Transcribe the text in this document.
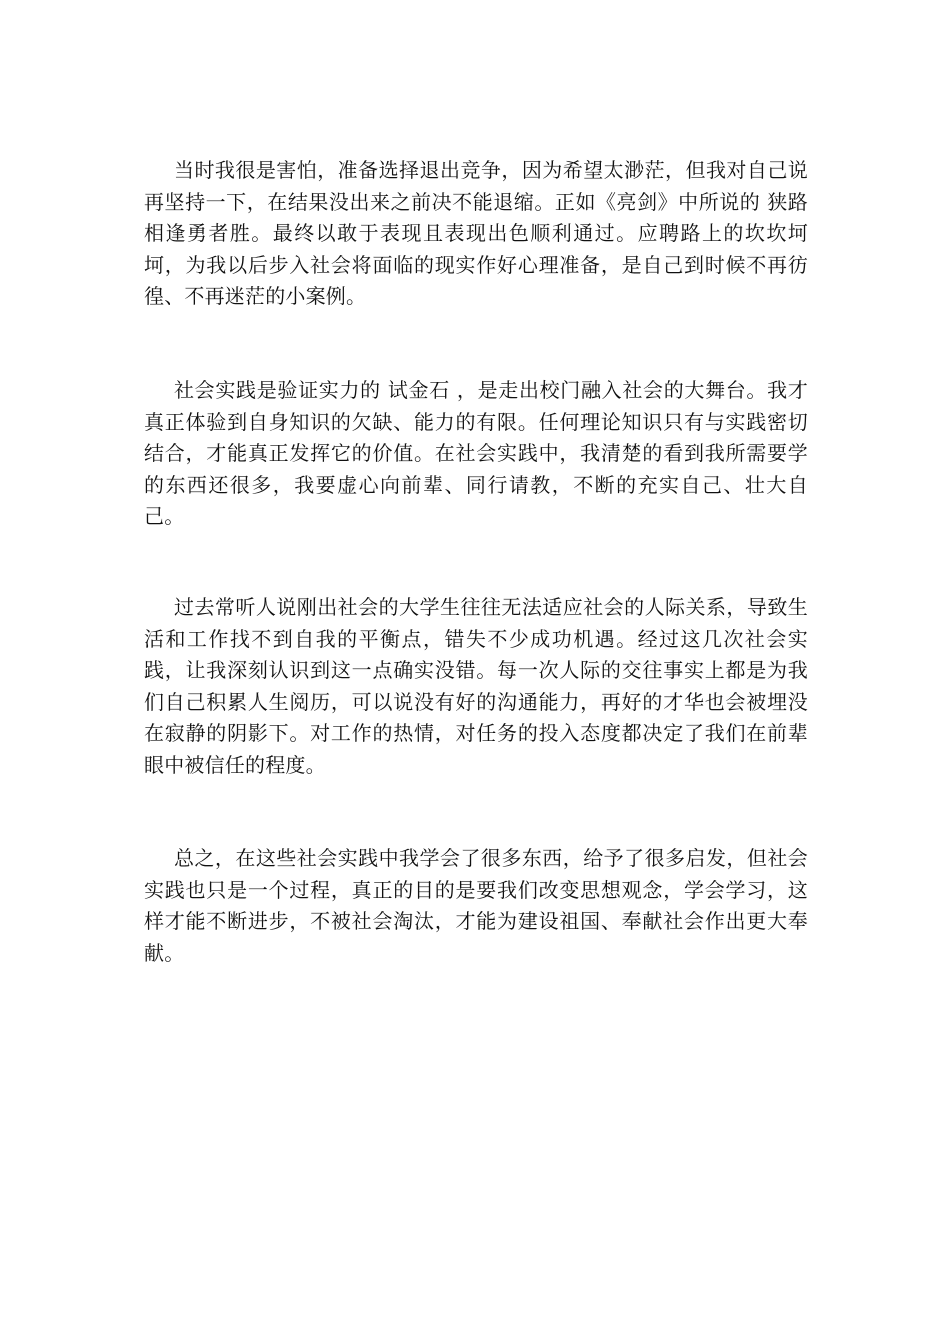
当时我很是害怕，准备选择退出竞争，因为希望太渺茫，但我对自己说再坚持一下，在结果没出来之前决不能退缩。正如《亮剑》中所说的 狭路相逢勇者胜。最终以敢于表现且表现出色顺利通过。应聘路上的坎坎坷坷，为我以后步入社会将面临的现实作好心理准备，是自己到时候不再彷徨、不再迷茫的小案例。

社会实践是验证实力的 试金石 ，是走出校门融入社会的大舞台。我才真正体验到自身知识的欠缺、能力的有限。任何理论知识只有与实践密切结合，才能真正发挥它的价值。在社会实践中，我清楚的看到我所需要学的东西还很多，我要虚心向前辈、同行请教，不断的充实自己、壮大自己。

过去常听人说刚出社会的大学生往往无法适应社会的人际关系，导致生活和工作找不到自我的平衡点，错失不少成功机遇。经过这几次社会实践，让我深刻认识到这一点确实没错。每一次人际的交往事实上都是为我们自己积累人生阅历，可以说没有好的沟通能力，再好的才华也会被埋没在寂静的阴影下。对工作的热情，对任务的投入态度都决定了我们在前辈眼中被信任的程度。

总之，在这些社会实践中我学会了很多东西，给予了很多启发，但社会实践也只是一个过程，真正的目的是要我们改变思想观念，学会学习，这样才能不断进步，不被社会淘汰，才能为建设祖国、奉献社会作出更大奉献。
